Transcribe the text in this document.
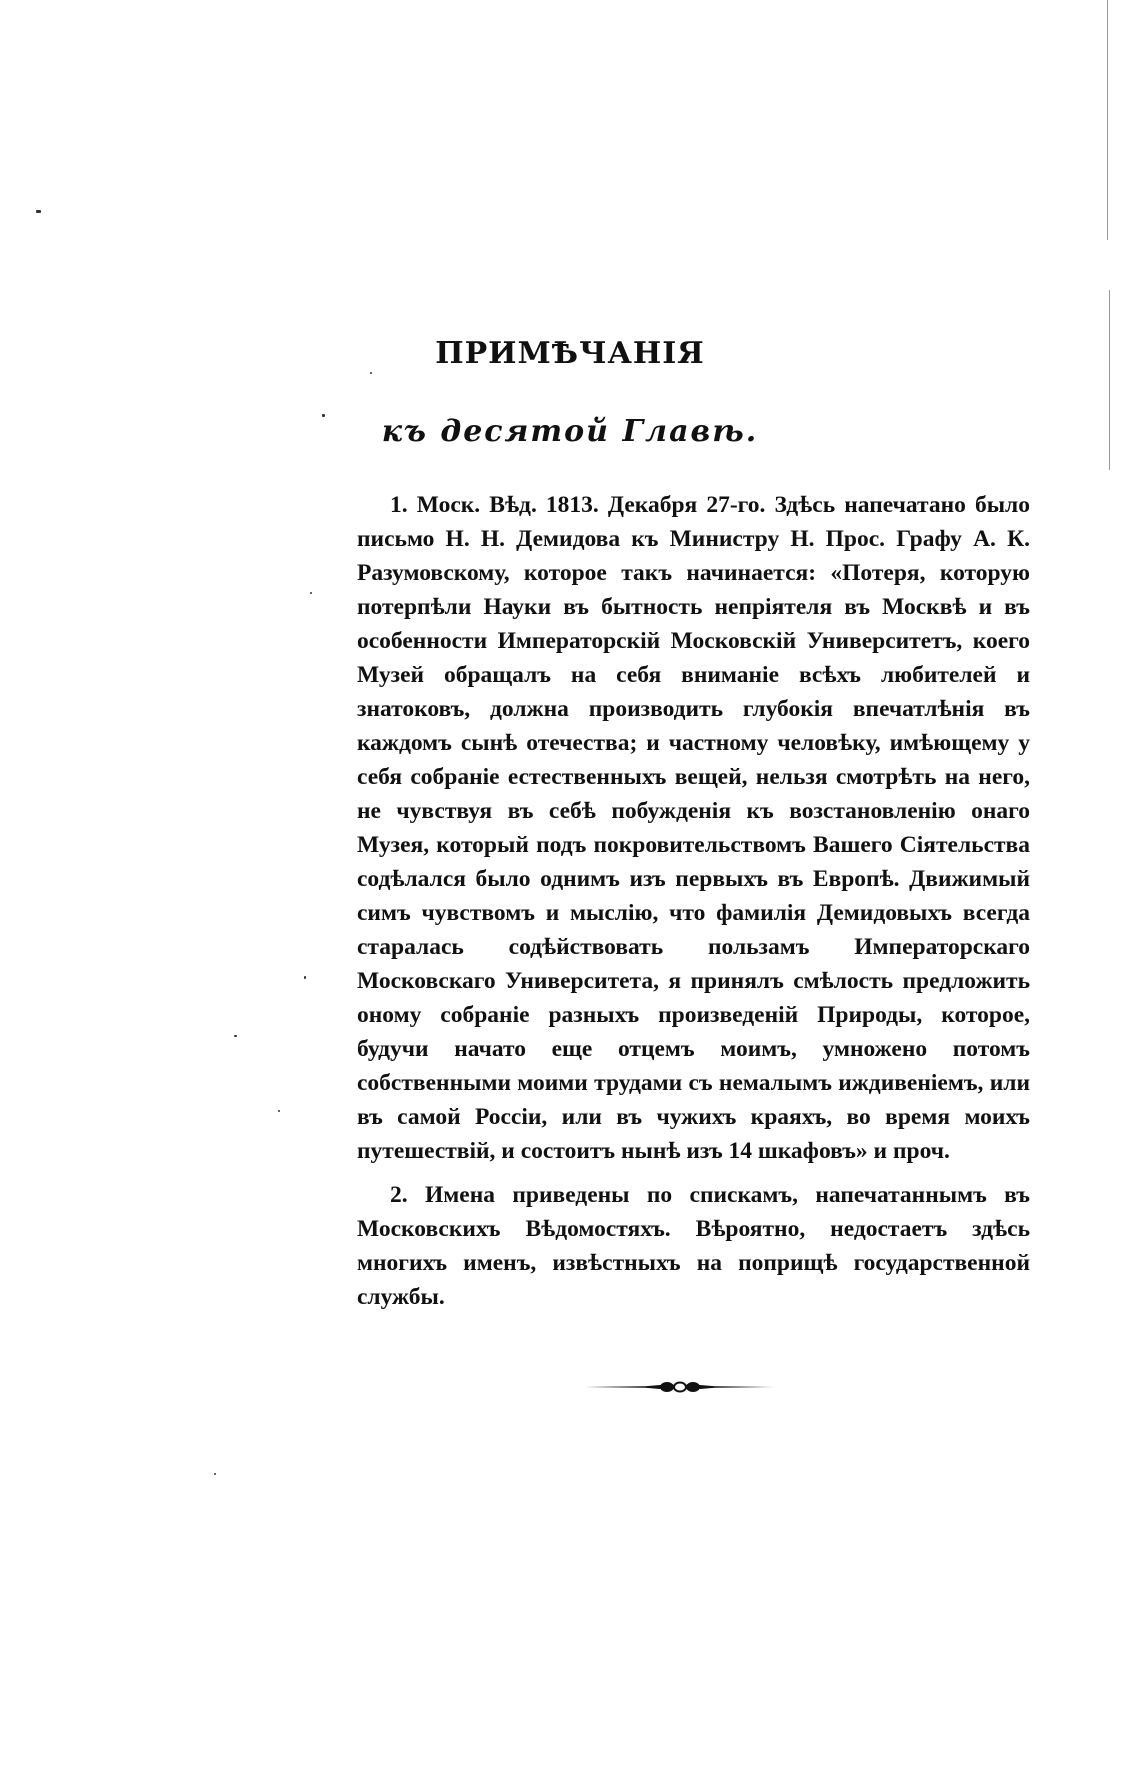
ПРИМѢЧАНІЯ
къ десятой Главѣ.

1. Моск. Вѣд. 1813. Декабря 27-го. Здѣсь напечатано было письмо Н. Н. Демидова къ Министру Н. Прос. Графу А. К. Разумовскому, которое такъ начинается: «Потеря, которую потерпѣли Науки въ бытность непріятеля въ Москвѣ и въ особенности Императорскій Московскій Университетъ, коего Музей обращалъ на себя вниманіе всѣхъ любителей и знатоковъ, должна производить глубокія впечатлѣнія въ каждомъ сынѣ отечества; и частному человѣку, имѣющему у себя собраніе естественныхъ вещей, нельзя смотрѣть на него, не чувствуя въ себѣ побужденія къ возстановленію онаго Музея, который подъ покровительствомъ Вашего Сіятельства содѣлался было однимъ изъ первыхъ въ Европѣ. Движимый симъ чувствомъ и мыслію, что фамилія Демидовыхъ всегда старалась содѣйствовать пользамъ Императорскаго Московскаго Университета, я принялъ смѣлость предложить оному собраніе разныхъ произведеній Природы, которое, будучи начато еще отцемъ моимъ, умножено потомъ собственными моими трудами съ немалымъ иждивеніемъ, или въ самой Россіи, или въ чужихъ краяхъ, во время моихъ путешествій, и состоитъ нынѣ изъ 14 шкафовъ» и проч.

2. Имена приведены по спискамъ, напечатаннымъ въ Московскихъ Вѣдомостяхъ. Вѣроятно, недостаетъ здѣсь многихъ именъ, извѣстныхъ на поприщѣ государственной службы.
